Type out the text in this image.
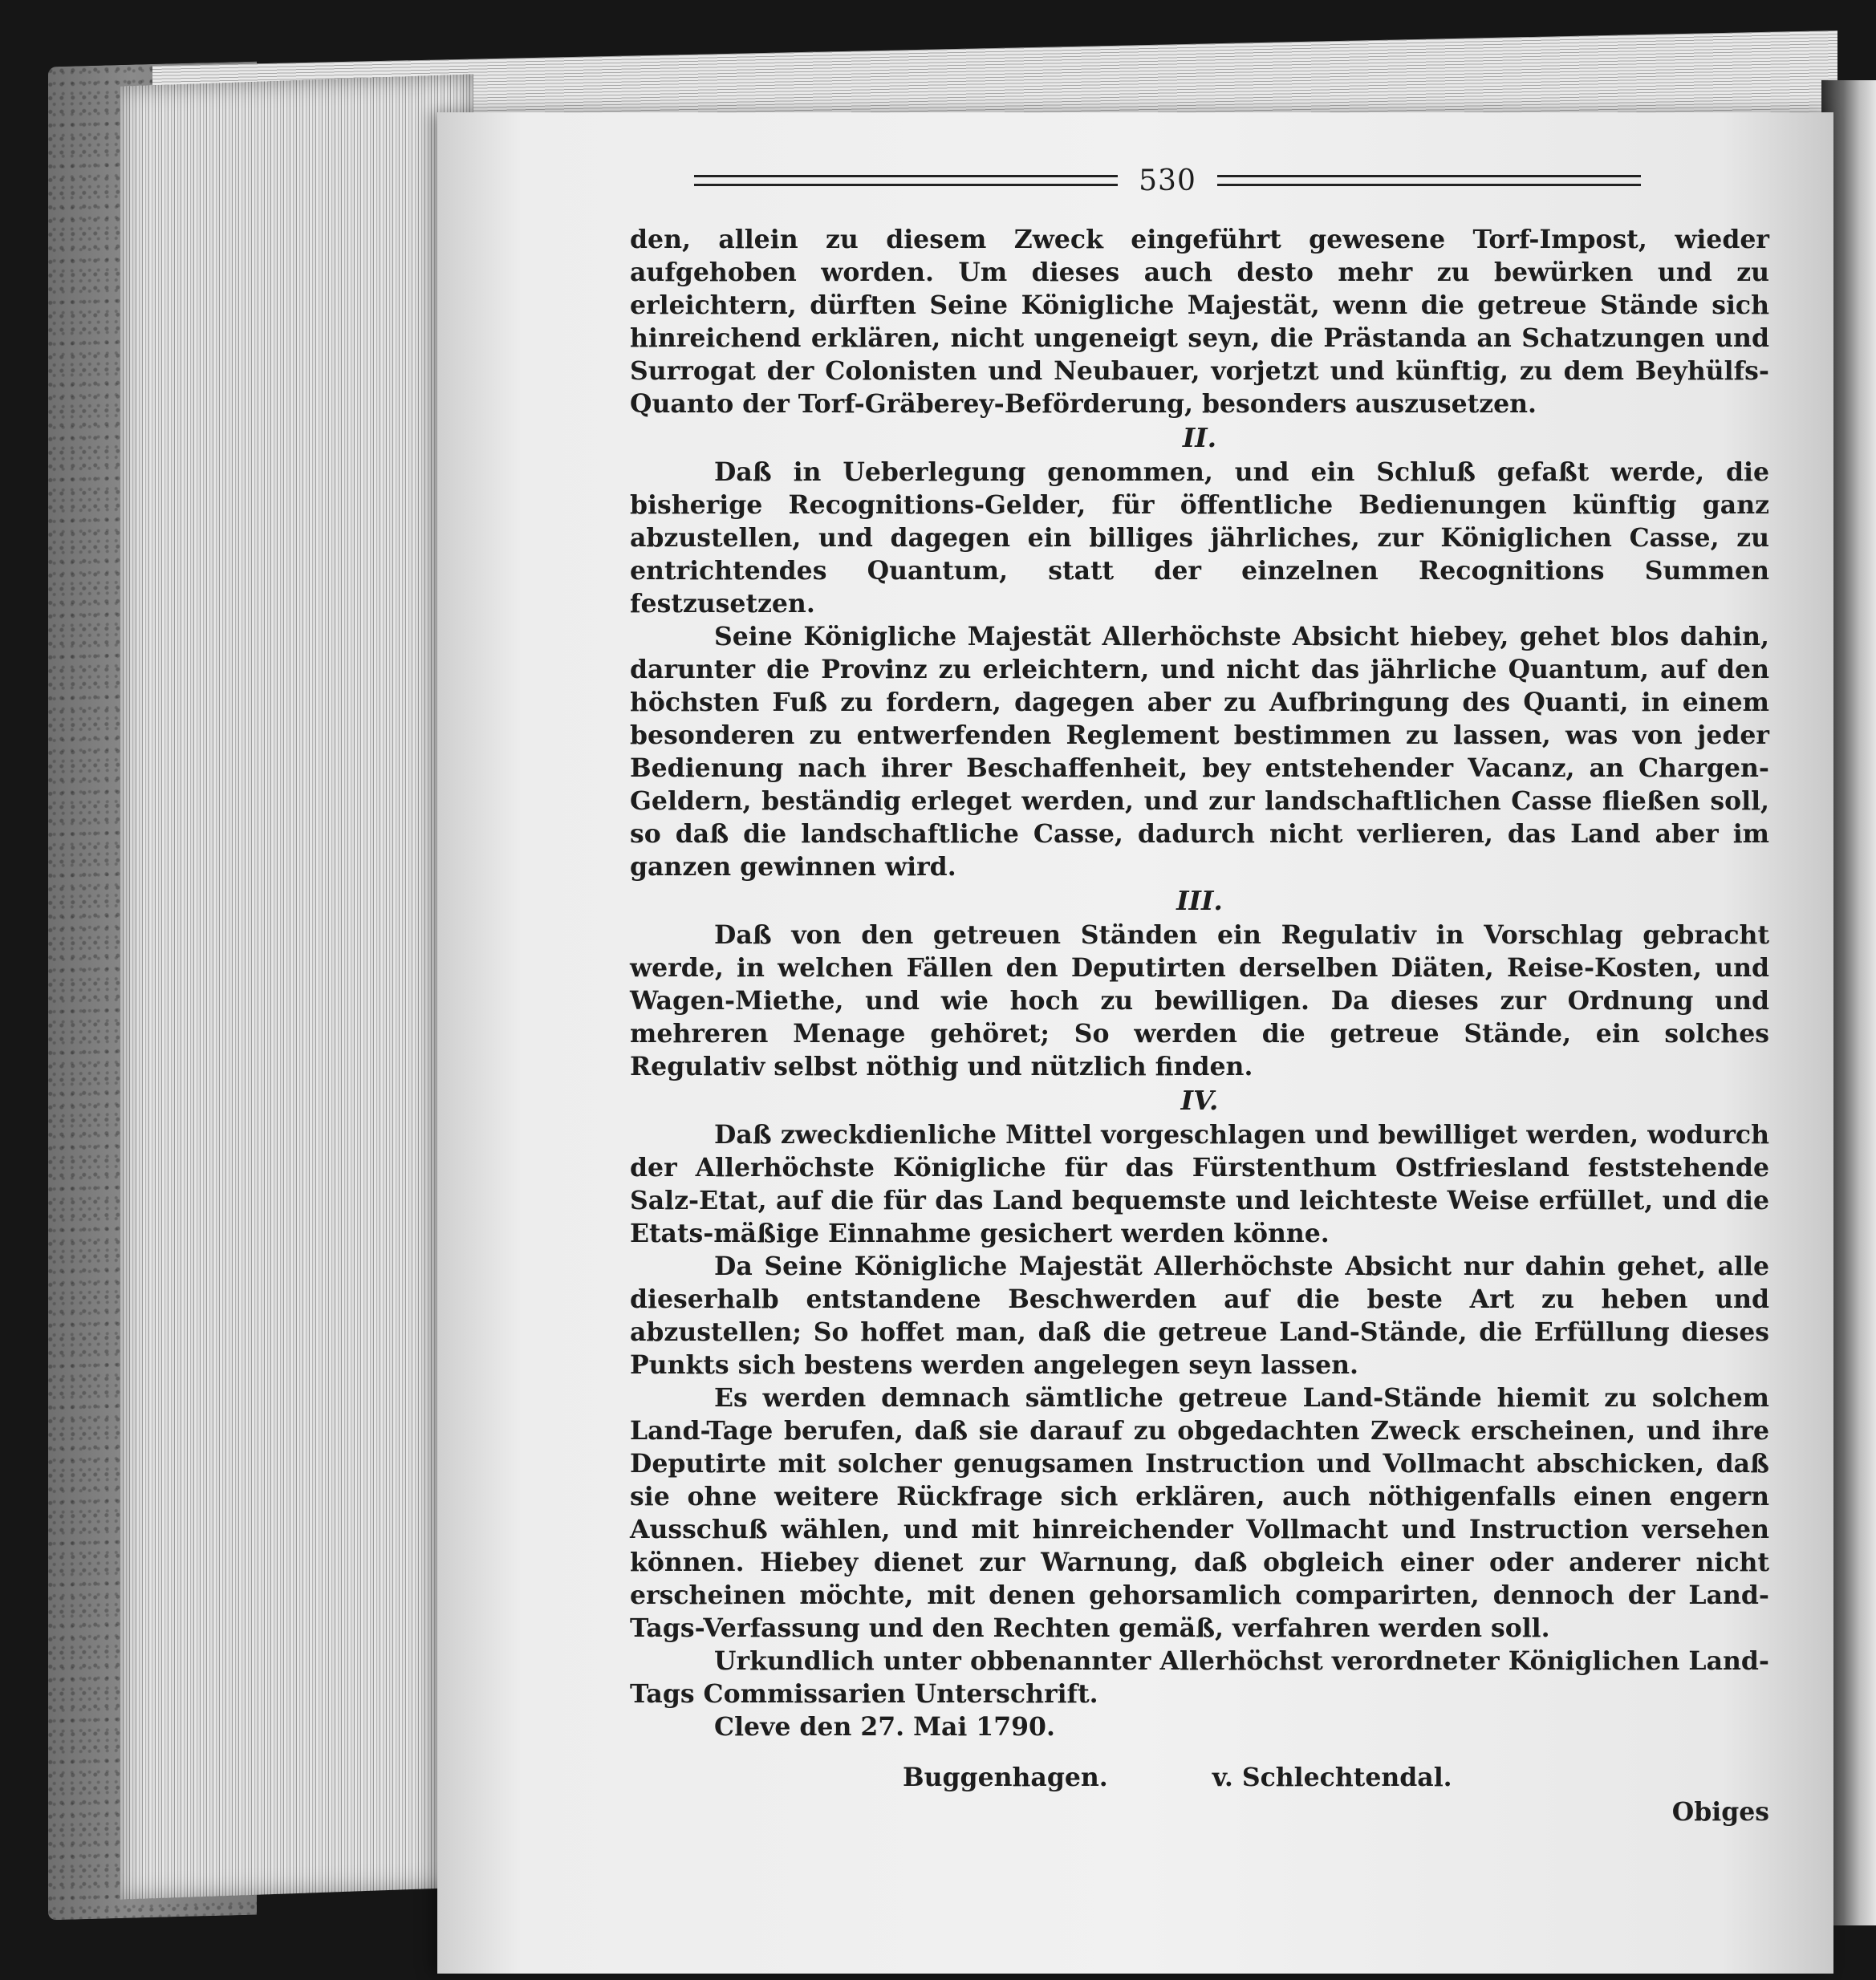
530

den, allein zu diesem Zweck eingeführt gewesene Torf-Impost, wieder aufgehoben worden. Um dieses auch desto mehr zu bewürken und zu erleichtern, dürften Seine Königliche Majestät, wenn die getreue Stände sich hinreichend erklären, nicht ungeneigt seyn, die Prästanda an Schatzungen und Surrogat der Colonisten und Neubauer, vorjetzt und künftig, zu dem Beyhülfs-Quanto der Torf-Gräberey-Beförderung, besonders auszusetzen.

II.

Daß in Ueberlegung genommen, und ein Schluß gefaßt werde, die bisherige Recognitions-Gelder, für öffentliche Bedienungen künftig ganz abzustellen, und dagegen ein billiges jährliches, zur Königlichen Casse, zu entrichtendes Quantum, statt der einzelnen Recognitions Summen festzusetzen.

Seine Königliche Majestät Allerhöchste Absicht hiebey, gehet blos dahin, darunter die Provinz zu erleichtern, und nicht das jährliche Quantum, auf den höchsten Fuß zu fordern, dagegen aber zu Aufbringung des Quanti, in einem besonderen zu entwerfenden Reglement bestimmen zu lassen, was von jeder Bedienung nach ihrer Beschaffenheit, bey entstehender Vacanz, an Chargen-Geldern, beständig erleget werden, und zur landschaftlichen Casse fließen soll, so daß die landschaftliche Casse, dadurch nicht verlieren, das Land aber im ganzen gewinnen wird.

III.

Daß von den getreuen Ständen ein Regulativ in Vorschlag gebracht werde, in welchen Fällen den Deputirten derselben Diäten, Reise-Kosten, und Wagen-Miethe, und wie hoch zu bewilligen. Da dieses zur Ordnung und mehreren Menage gehöret; So werden die getreue Stände, ein solches Regulativ selbst nöthig und nützlich finden.

IV.

Daß zweckdienliche Mittel vorgeschlagen und bewilliget werden, wodurch der Allerhöchste Königliche für das Fürstenthum Ostfriesland feststehende Salz-Etat, auf die für das Land bequemste und leichteste Weise erfüllet, und die Etats-mäßige Einnahme gesichert werden könne.

Da Seine Königliche Majestät Allerhöchste Absicht nur dahin gehet, alle dieserhalb entstandene Beschwerden auf die beste Art zu heben und abzustellen; So hoffet man, daß die getreue Land-Stände, die Erfüllung dieses Punkts sich bestens werden angelegen seyn lassen.

Es werden demnach sämtliche getreue Land-Stände hiemit zu solchem Land-Tage berufen, daß sie darauf zu obgedachten Zweck erscheinen, und ihre Deputirte mit solcher genugsamen Instruction und Vollmacht abschicken, daß sie ohne weitere Rückfrage sich erklären, auch nöthigenfalls einen engern Ausschuß wählen, und mit hinreichender Vollmacht und Instruction versehen können. Hiebey dienet zur Warnung, daß obgleich einer oder anderer nicht erscheinen möchte, mit denen gehorsamlich comparirten, dennoch der Land-Tags-Verfassung und den Rechten gemäß, verfahren werden soll.

Urkundlich unter obbenannter Allerhöchst verordneter Königlichen Land-Tags Commissarien Unterschrift.

Cleve den 27. Mai 1790.

Buggenhagen.	v. Schlechtendal.
Obiges
